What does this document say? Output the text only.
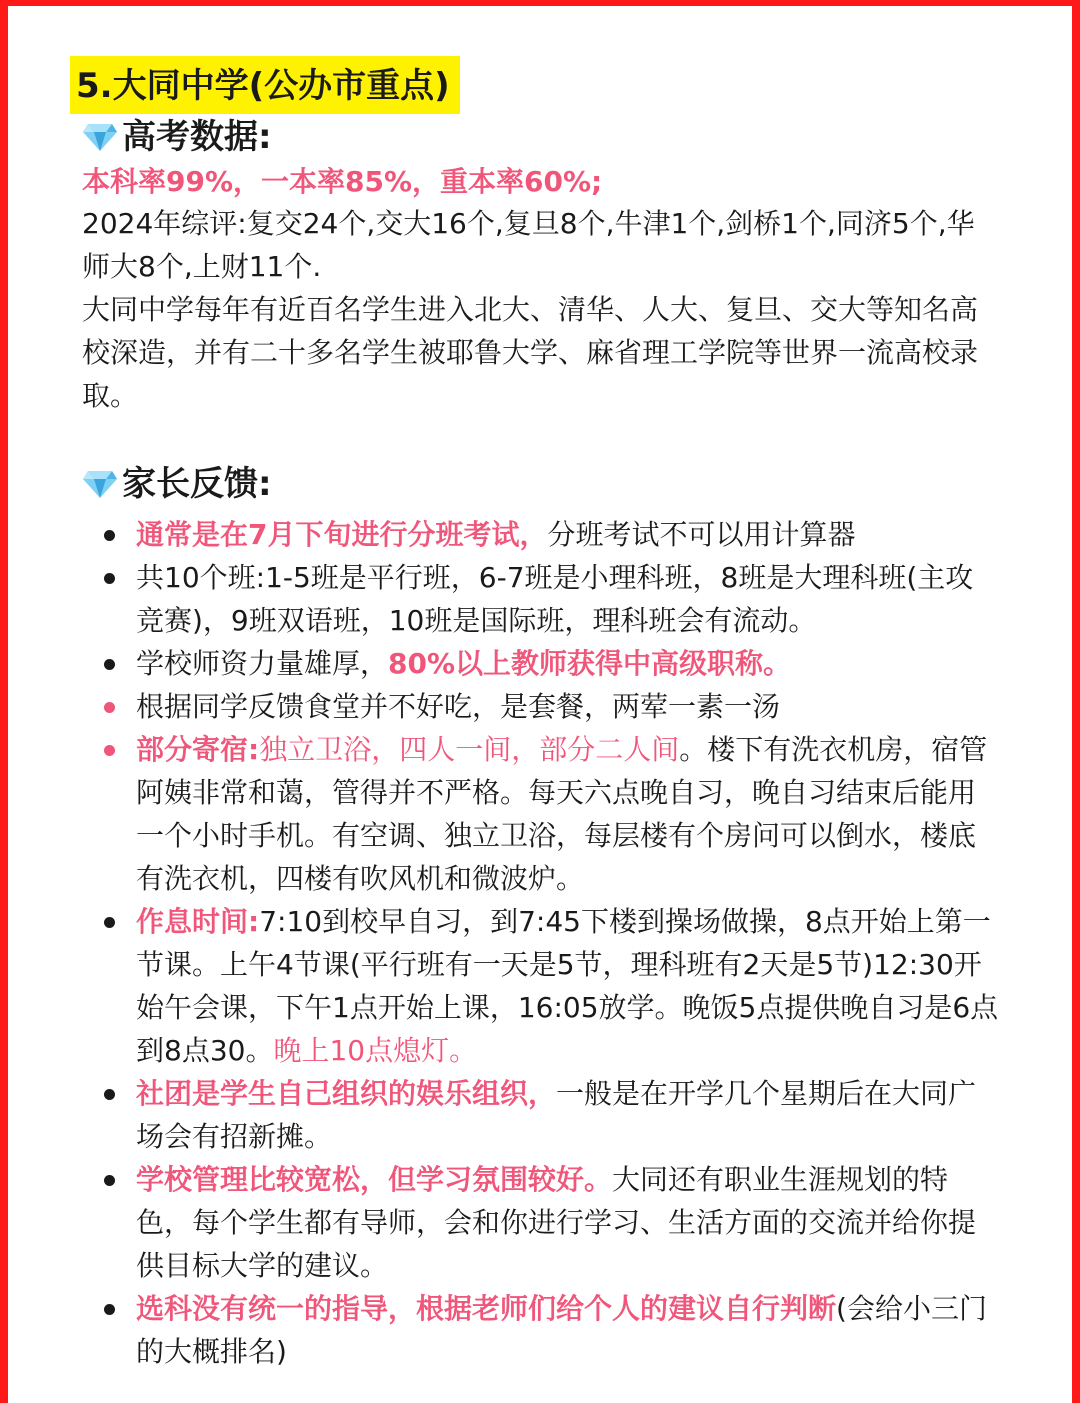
5.大同中学(公办市重点)
高考数据:
本科率99%，一本率85%，重本率60%;
2024年综评:复交24个,交大16个,复旦8个,牛津1个,剑桥1个,同济5个,华师大8个,上财11个.
大同中学每年有近百名学生进入北大、清华、人大、复旦、交大等知名高校深造，并有二十多名学生被耶鲁大学、麻省理工学院等世界一流高校录取。
家长反馈:
通常是在7月下旬进行分班考试，分班考试不可以用计算器
共10个班:1-5班是平行班，6-7班是小理科班，8班是大理科班(主攻竞赛)，9班双语班，10班是国际班，理科班会有流动。
学校师资力量雄厚，80%以上教师获得中高级职称。
根据同学反馈食堂并不好吃，是套餐，两荤一素一汤
部分寄宿:独立卫浴，四人一间，部分二人间。楼下有洗衣机房，宿管阿姨非常和蔼，管得并不严格。每天六点晚自习，晚自习结束后能用一个小时手机。有空调、独立卫浴，每层楼有个房问可以倒水，楼底有洗衣机，四楼有吹风机和微波炉。
作息时间:7:10到校早自习，到7:45下楼到操场做操，8点开始上第一节课。上午4节课(平行班有一天是5节，理科班有2天是5节)12:30开始午会课，下午1点开始上课，16:05放学。晚饭5点提供晚自习是6点到8点30。晚上10点熄灯。
社团是学生自己组织的娱乐组织，一般是在开学几个星期后在大同广场会有招新摊。
学校管理比较宽松，但学习氛围较好。大同还有职业生涯规划的特色，每个学生都有导师，会和你进行学习、生活方面的交流并给你提供目标大学的建议。
选科没有统一的指导，根据老师们给个人的建议自行判断(会给小三门的大概排名)
